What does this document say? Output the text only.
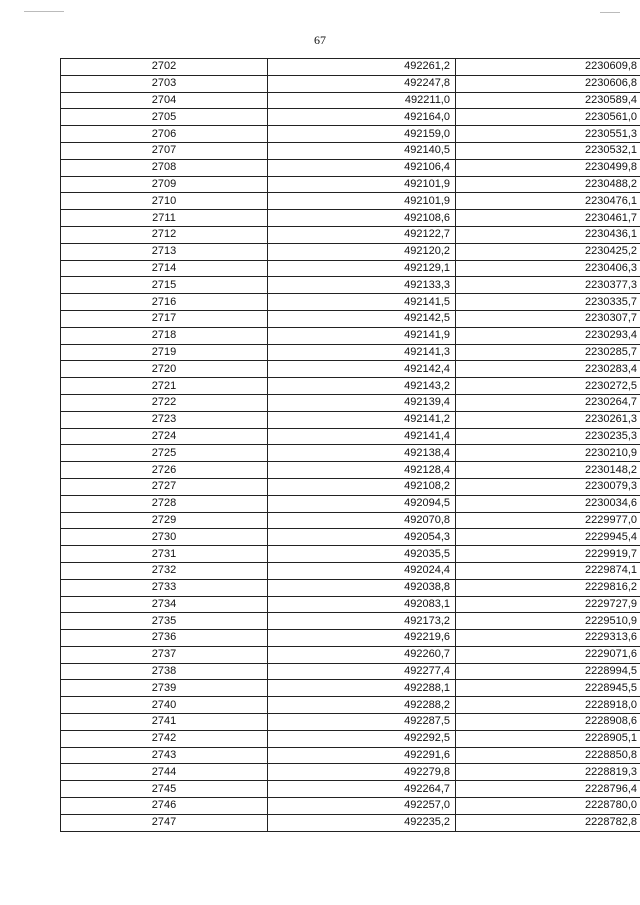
67
2702	492261,2	2230609,8
2703	492247,8	2230606,8
2704	492211,0	2230589,4
2705	492164,0	2230561,0
2706	492159,0	2230551,3
2707	492140,5	2230532,1
2708	492106,4	2230499,8
2709	492101,9	2230488,2
2710	492101,9	2230476,1
2711	492108,6	2230461,7
2712	492122,7	2230436,1
2713	492120,2	2230425,2
2714	492129,1	2230406,3
2715	492133,3	2230377,3
2716	492141,5	2230335,7
2717	492142,5	2230307,7
2718	492141,9	2230293,4
2719	492141,3	2230285,7
2720	492142,4	2230283,4
2721	492143,2	2230272,5
2722	492139,4	2230264,7
2723	492141,2	2230261,3
2724	492141,4	2230235,3
2725	492138,4	2230210,9
2726	492128,4	2230148,2
2727	492108,2	2230079,3
2728	492094,5	2230034,6
2729	492070,8	2229977,0
2730	492054,3	2229945,4
2731	492035,5	2229919,7
2732	492024,4	2229874,1
2733	492038,8	2229816,2
2734	492083,1	2229727,9
2735	492173,2	2229510,9
2736	492219,6	2229313,6
2737	492260,7	2229071,6
2738	492277,4	2228994,5
2739	492288,1	2228945,5
2740	492288,2	2228918,0
2741	492287,5	2228908,6
2742	492292,5	2228905,1
2743	492291,6	2228850,8
2744	492279,8	2228819,3
2745	492264,7	2228796,4
2746	492257,0	2228780,0
2747	492235,2	2228782,8
